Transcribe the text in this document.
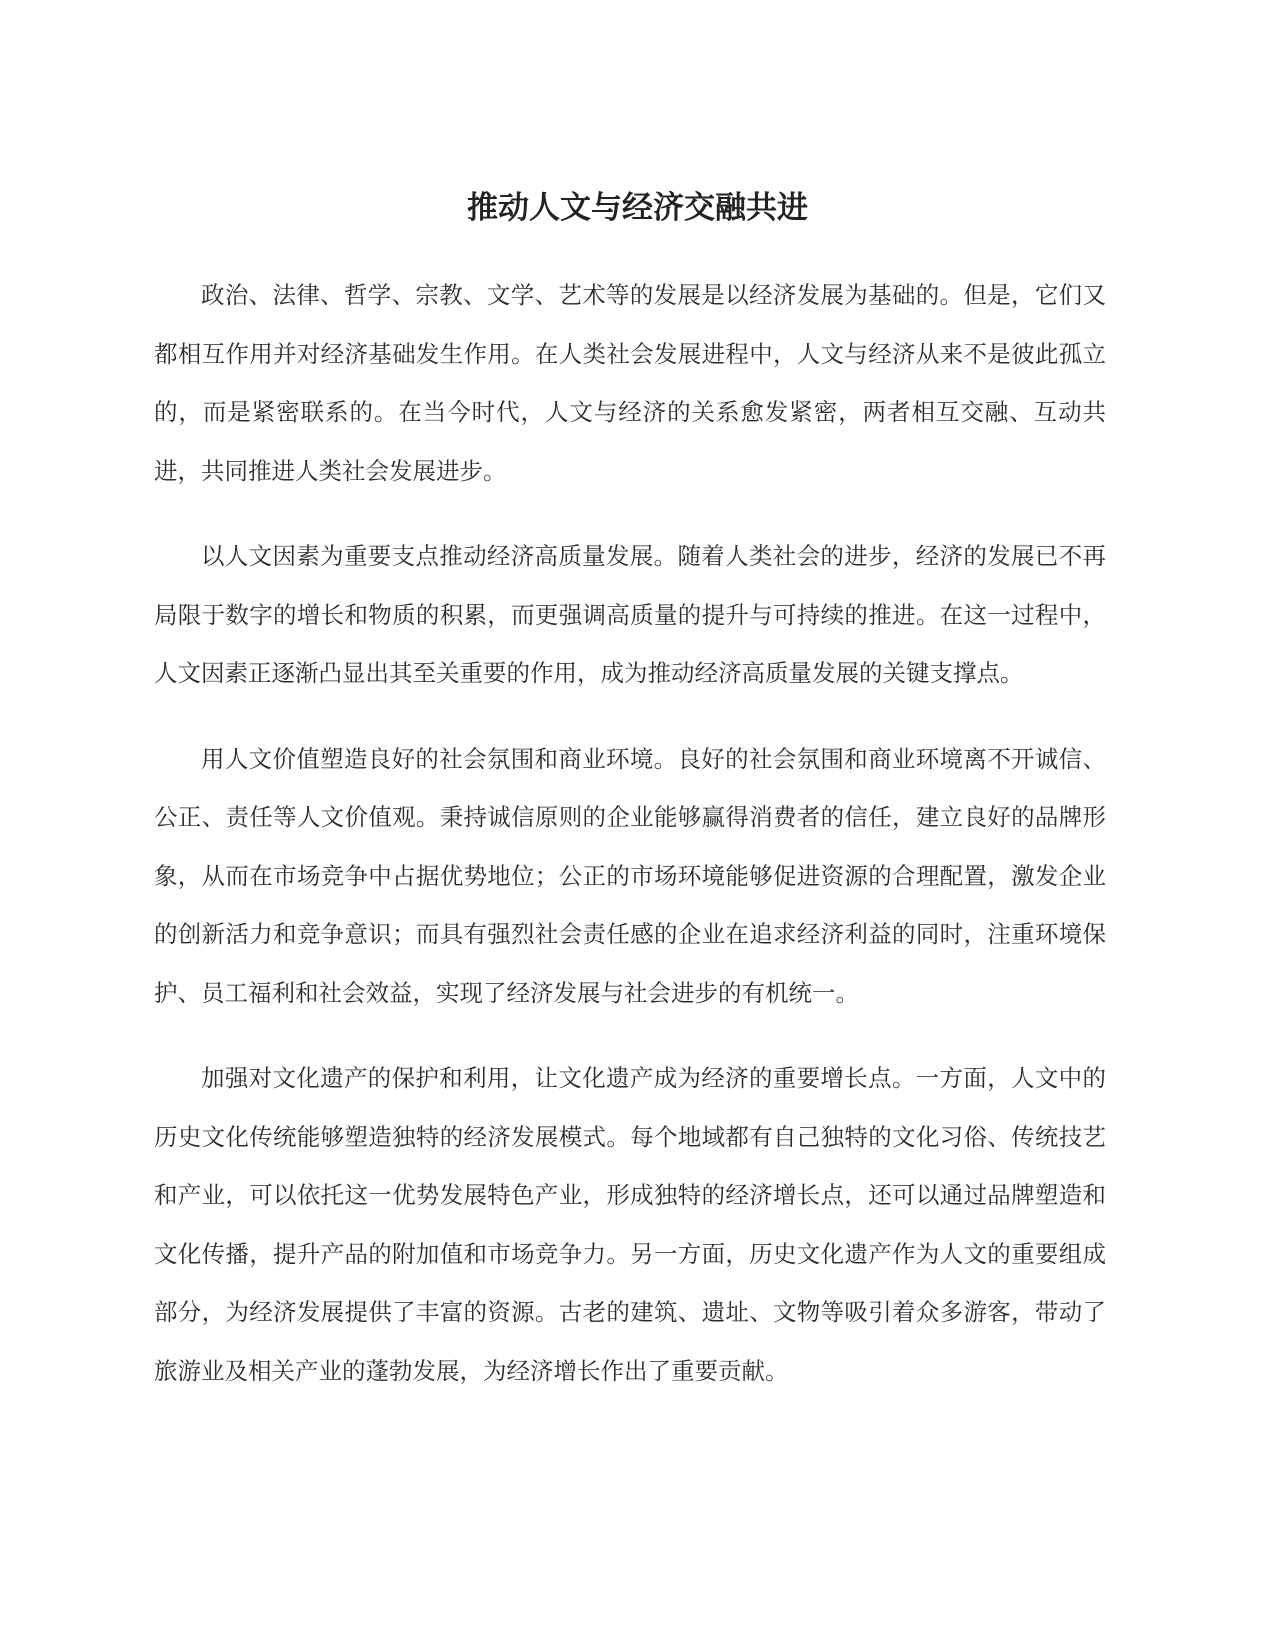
推动人文与经济交融共进

政治、法律、哲学、宗教、文学、艺术等的发展是以经济发展为基础的。但是，它们又都相互作用并对经济基础发生作用。在人类社会发展进程中，人文与经济从来不是彼此孤立的，而是紧密联系的。在当今时代，人文与经济的关系愈发紧密，两者相互交融、互动共进，共同推进人类社会发展进步。

以人文因素为重要支点推动经济高质量发展。随着人类社会的进步，经济的发展已不再局限于数字的增长和物质的积累，而更强调高质量的提升与可持续的推进。在这一过程中，人文因素正逐渐凸显出其至关重要的作用，成为推动经济高质量发展的关键支撑点。

用人文价值塑造良好的社会氛围和商业环境。良好的社会氛围和商业环境离不开诚信、公正、责任等人文价值观。秉持诚信原则的企业能够赢得消费者的信任，建立良好的品牌形象，从而在市场竞争中占据优势地位；公正的市场环境能够促进资源的合理配置，激发企业的创新活力和竞争意识；而具有强烈社会责任感的企业在追求经济利益的同时，注重环境保护、员工福利和社会效益，实现了经济发展与社会进步的有机统一。

加强对文化遗产的保护和利用，让文化遗产成为经济的重要增长点。一方面，人文中的历史文化传统能够塑造独特的经济发展模式。每个地域都有自己独特的文化习俗、传统技艺和产业，可以依托这一优势发展特色产业，形成独特的经济增长点，还可以通过品牌塑造和文化传播，提升产品的附加值和市场竞争力。另一方面，历史文化遗产作为人文的重要组成部分，为经济发展提供了丰富的资源。古老的建筑、遗址、文物等吸引着众多游客，带动了旅游业及相关产业的蓬勃发展，为经济增长作出了重要贡献。
